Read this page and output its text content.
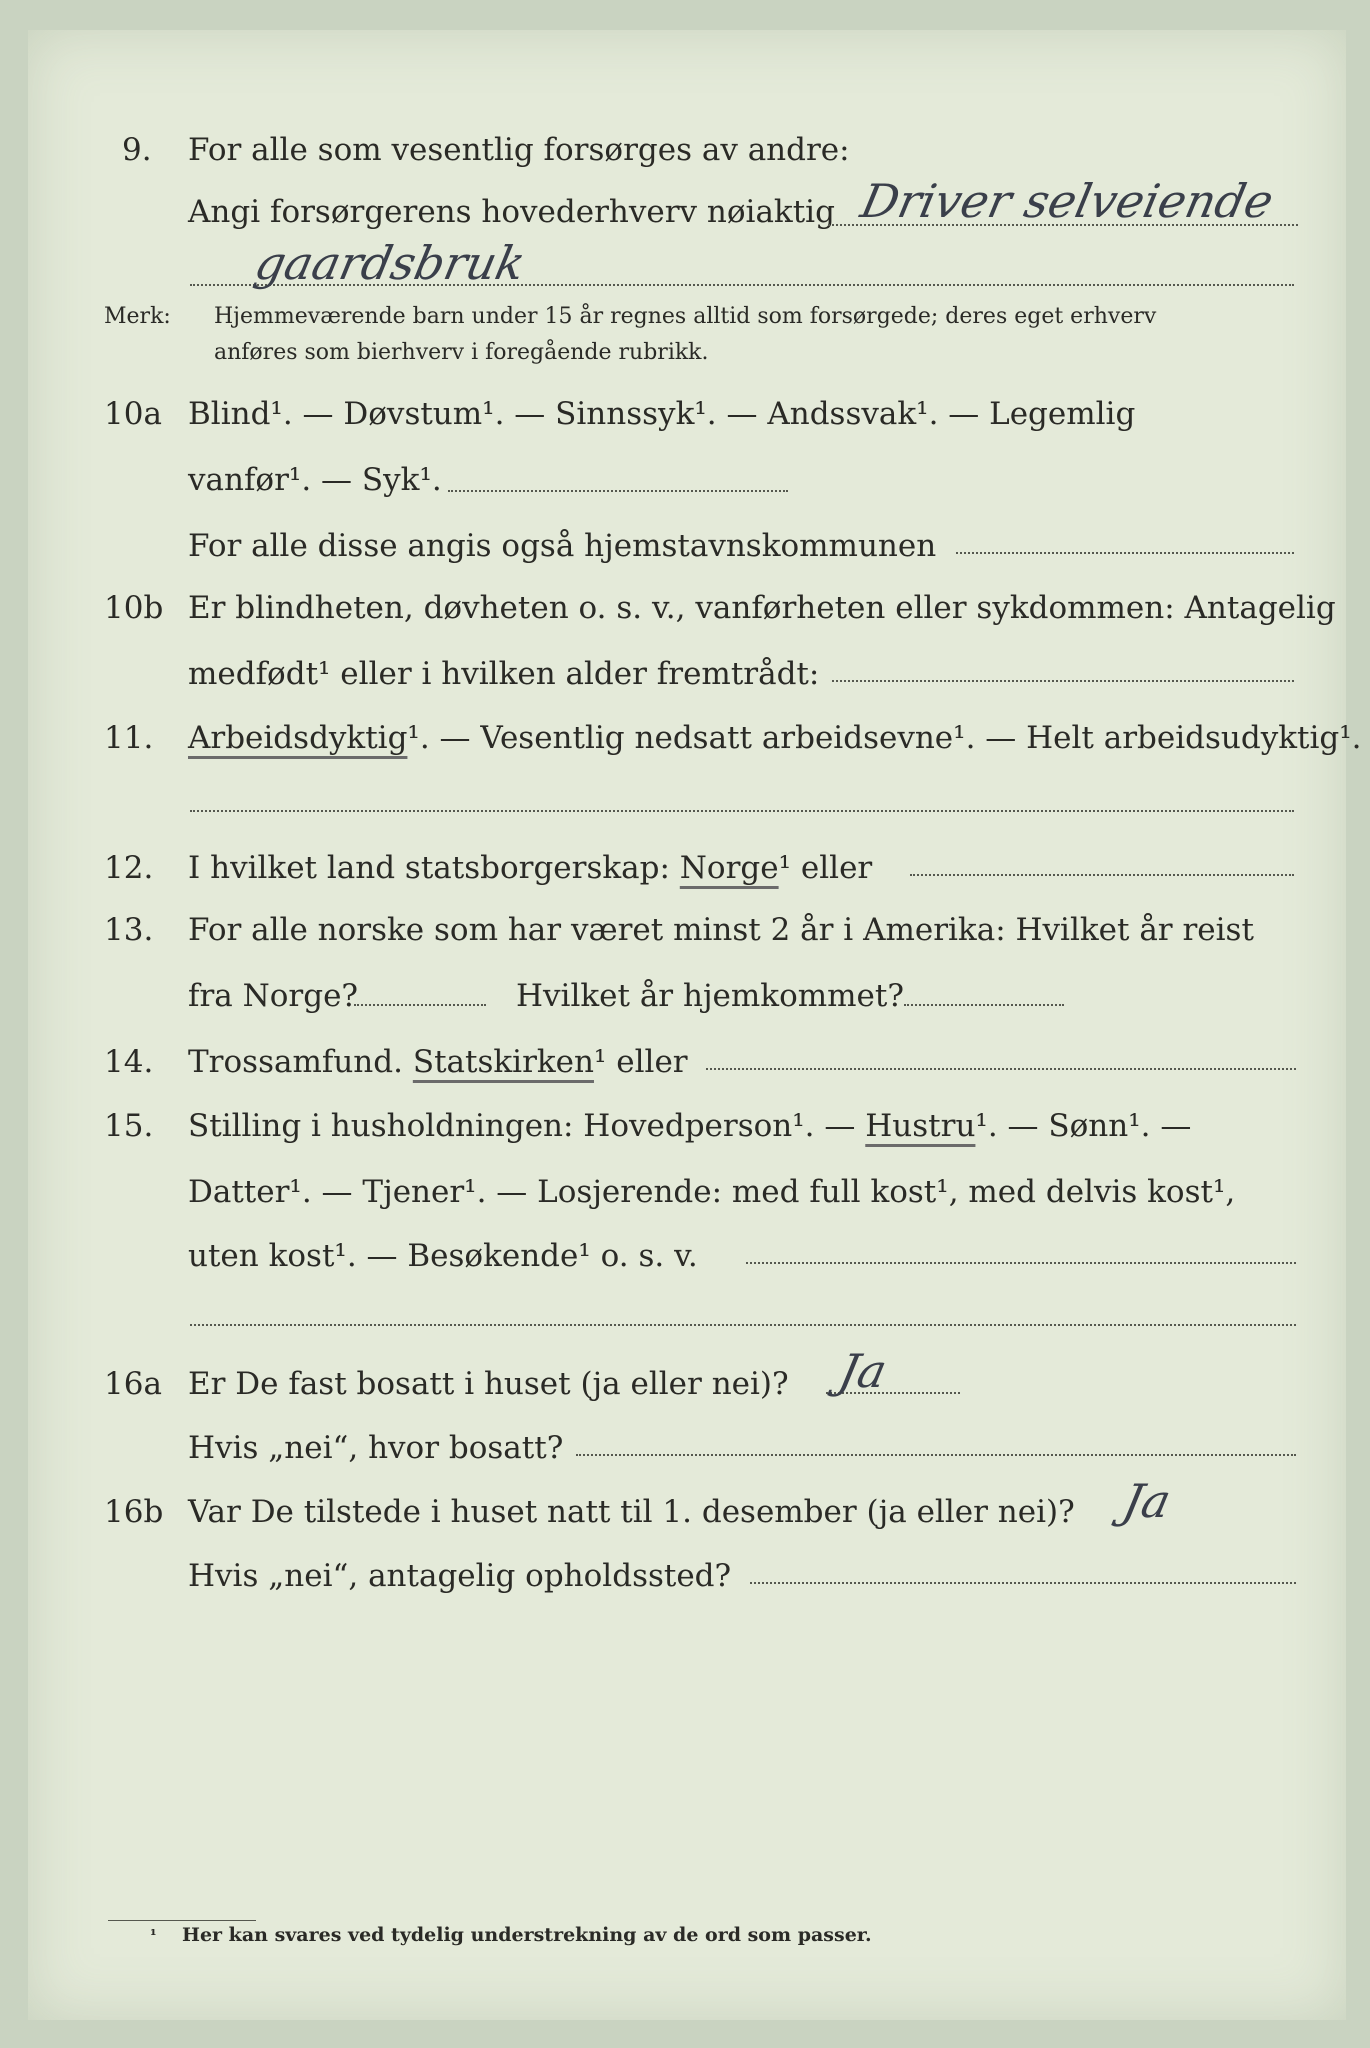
9. For alle som vesentlig forsørges av andre:
Angi forsørgerens hovederhverv nøiaktig Driver selveiende
gaardsbruk
Merk: Hjemmeværende barn under 15 år regnes alltid som forsørgede; deres eget erhverv
anføres som bierhverv i foregående rubrikk.
10a Blind¹. — Døvstum¹. — Sinnssyk¹. — Andssvak¹. — Legemlig
vanfør¹. — Syk¹.
For alle disse angis også hjemstavnskommunen
10b Er blindheten, døvheten o. s. v., vanførheten eller sykdommen: Antagelig
medfødt¹ eller i hvilken alder fremtrådt:
11. Arbeidsdyktig¹. — Vesentlig nedsatt arbeidsevne¹. — Helt arbeidsudyktig¹.
12. I hvilket land statsborgerskap: Norge¹ eller
13. For alle norske som har været minst 2 år i Amerika: Hvilket år reist
fra Norge?	Hvilket år hjemkommet?
14. Trossamfund. Statskirken¹ eller
15. Stilling i husholdningen: Hovedperson¹. — Hustru¹. — Sønn¹. —
Datter¹. — Tjener¹. — Losjerende: med full kost¹, med delvis kost¹,
uten kost¹. — Besøkende¹ o. s. v.
16a Er De fast bosatt i huset (ja eller nei)? Ja
Hvis „nei“, hvor bosatt?
16b Var De tilstede i huset natt til 1. desember (ja eller nei)? Ja
Hvis „nei“, antagelig opholdssted?
¹ Her kan svares ved tydelig understrekning av de ord som passer.
